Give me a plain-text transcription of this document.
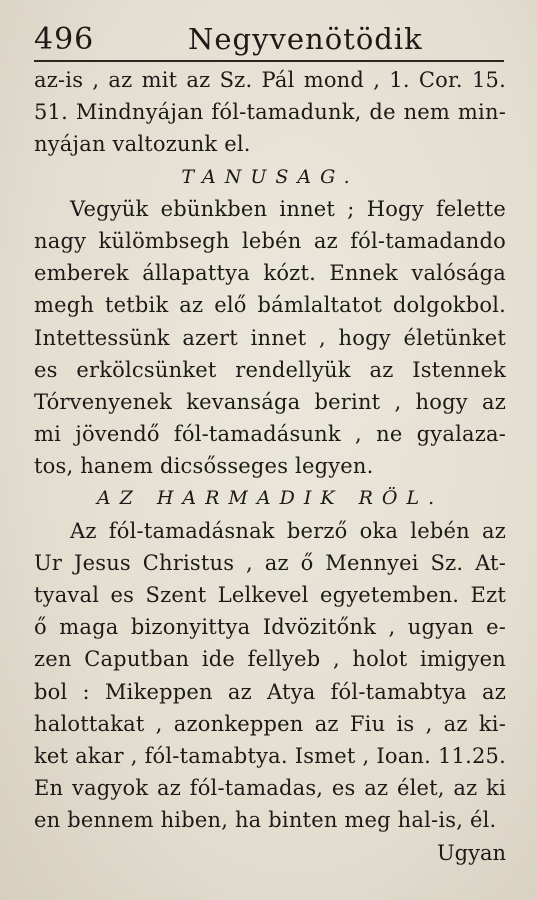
496	Negyvenӧtӧdik
az-is , az mit az Sz. Pál mond , 1. Cor. 15.
51. Mindnyájan fól-tamadunk, de nem min-
nyájan valtozunk el.
TANUSAG.
Vegyük ebünkben innet ; Hogy felette
nagy külömbsegh lebén az fól-tamadando
emberek állapattya kózt. Ennek valósága
megh tetbik az elő bámlaltatot dolgokbol.
Intettessünk azert innet , hogy életünket
es erkölcsünket rendellyük az Istennek
Tórvenyenek kevansága berint , hogy az
mi jövendő fól-tamadásunk , ne gyalaza-
tos, hanem dicsősseges legyen.
AZ HARMADIK RÖL.
Az fól-tamadásnak berző oka lebén az
Ur Jesus Christus , az ő Mennyei Sz. At-
tyaval es Szent Lelkevel egyetemben. Ezt
ő maga bizonyittya Idvözitőnk , ugyan e-
zen Caputban ide fellyeb , holot imigyen
bol : Mikeppen az Atya fól-tamabtya az
halottakat , azonkeppen az Fiu is , az ki-
ket akar , fól-tamabtya. Ismet , Ioan. 11.25.
En vagyok az fól-tamadas, es az élet, az ki
en bennem hiben, ha binten meg hal-is, él.
Ugyan
